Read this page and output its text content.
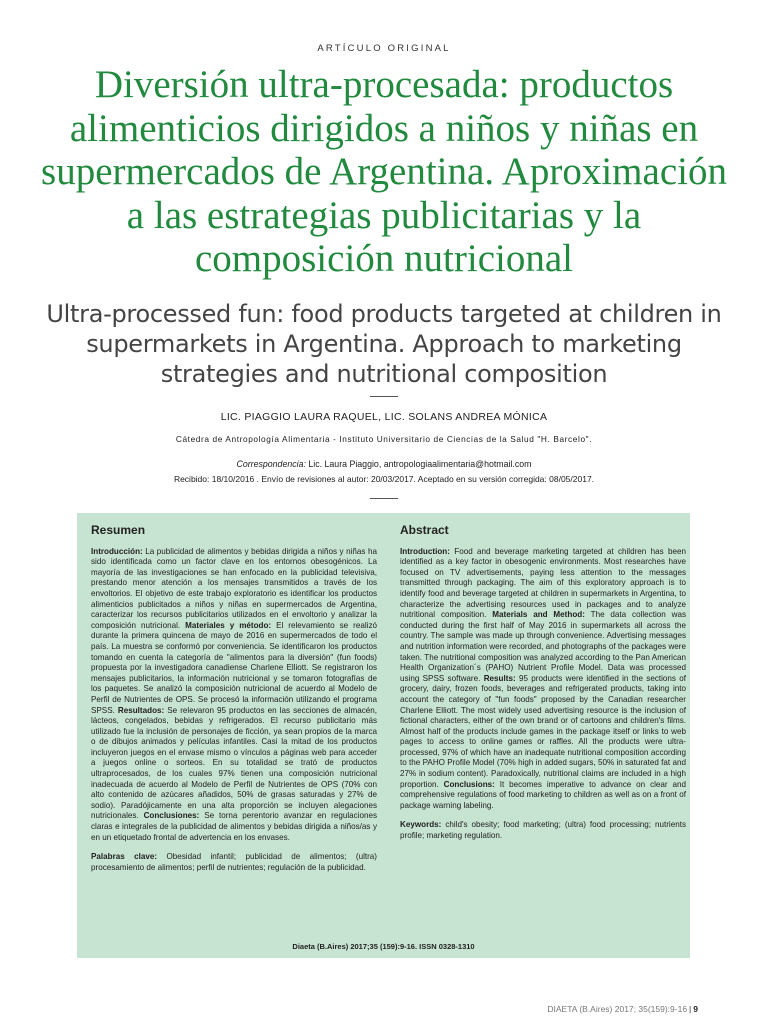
ARTÍCULO ORIGINAL
Diversión ultra-procesada: productos alimenticios dirigidos a niños y niñas en supermercados de Argentina. Aproximación a las estrategias publicitarias y la composición nutricional
Ultra-processed fun: food products targeted at children in supermarkets in Argentina. Approach to marketing strategies and nutritional composition
LIC. PIAGGIO LAURA RAQUEL, LIC. SOLANS ANDREA MÓNICA
Cátedra de Antropología Alimentaria - Instituto Universitario de Ciencias de la Salud "H. Barcelo".
Correspondencia: Lic. Laura Piaggio, antropologiaalimentaria@hotmail.com
Recibido: 18/10/2016 . Envío de revisiones al autor: 20/03/2017. Aceptado en su versión corregida: 08/05/2017.
Resumen

Introducción: La publicidad de alimentos y bebidas dirigida a niños y niñas ha sido identificada como un factor clave en los entornos obesogénicos. La mayoría de las investigaciones se han enfocado en la publicidad televisiva, prestando menor atención a los mensajes transmitidos a través de los envoltorios. El objetivo de este trabajo exploratorio es identificar los productos alimenticios publicitados a niños y niñas en supermercados de Argentina, caracterizar los recursos publicitarios utilizados en el envoltorio y analizar la composición nutricional. Materiales y método: El relevamiento se realizó durante la primera quincena de mayo de 2016 en supermercados de todo el país. La muestra se conformó por conveniencia. Se identificaron los productos tomando en cuenta la categoría de "alimentos para la diversión" (fun foods) propuesta por la investigadora canadiense Charlene Elliott. Se registraron los mensajes publicitarios, la información nutricional y se tomaron fotografías de los paquetes. Se analizó la composición nutricional de acuerdo al Modelo de Perfil de Nutrientes de OPS. Se procesó la información utilizando el programa SPSS. Resultados: Se relevaron 95 productos en las secciones de almacén, lácteos, congelados, bebidas y refrigerados. El recurso publicitario más utilizado fue la inclusión de personajes de ficción, ya sean propios de la marca o de dibujos animados y películas infantiles. Casi la mitad de los productos incluyeron juegos en el envase mismo o vínculos a páginas web para acceder a juegos online o sorteos. En su totalidad se trató de productos ultraprocesados, de los cuales 97% tienen una composición nutricional inadecuada de acuerdo al Modelo de Perfil de Nutrientes de OPS (70% con alto contenido de azúcares añadidos, 50% de grasas saturadas y 27% de sodio). Paradójicamente en una alta proporción se incluyen alegaciones nutricionales. Conclusiones: Se torna perentorio avanzar en regulaciones claras e integrales de la publicidad de alimentos y bebidas dirigida a niños/as y en un etiquetado frontal de advertencia en los envases.

Palabras clave: Obesidad infantil; publicidad de alimentos; (ultra) procesamiento de alimentos; perfil de nutrientes; regulación de la publicidad.

Abstract

Introduction: Food and beverage marketing targeted at children has been identified as a key factor in obesogenic environments. Most researches have focused on TV advertisements, paying less attention to the messages transmitted through packaging. The aim of this exploratory approach is to identify food and beverage targeted at children in supermarkets in Argentina, to characterize the advertising resources used in packages and to analyze nutritional composition. Materials and Method: The data collection was conducted during the first half of May 2016 in supermarkets all across the country. The sample was made up through convenience. Advertising messages and nutrition information were recorded, and photographs of the packages were taken. The nutritional composition was analyzed according to the Pan American Health Organization´s (PAHO) Nutrient Profile Model. Data was processed using SPSS software. Results: 95 products were identified in the sections of grocery, dairy, frozen foods, beverages and refrigerated products, taking into account the category of "fun foods" proposed by the Canadian researcher Charlene Elliott. The most widely used advertising resource is the inclusion of fictional characters, either of the own brand or of cartoons and children's films. Almost half of the products include games in the package itself or links to web pages to access to online games or raffles. All the products were ultra-processed, 97% of which have an inadequate nutritional composition according to the PAHO Profile Model (70% high in added sugars, 50% in saturated fat and 27% in sodium content). Paradoxically, nutritional claims are included in a high proportion. Conclusions: It becomes imperative to advance on clear and comprehensive regulations of food marketing to children as well as on a front of package warning labeling.

Keywords: child's obesity; food marketing; (ultra) food processing; nutrients profile; marketing regulation.

Diaeta (B.Aires) 2017;35 (159):9-16. ISSN 0328-1310
DIAETA (B.Aires) 2017; 35(159):9-16 | 9
